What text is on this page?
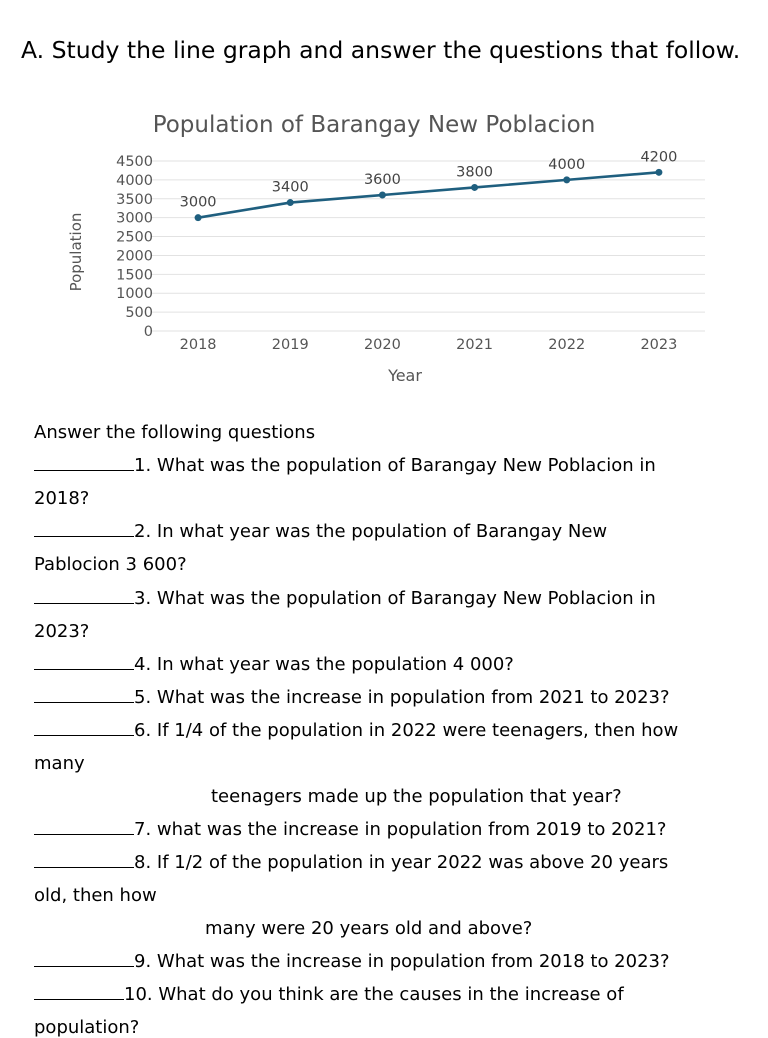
A. Study the line graph and answer the questions that follow.
Population of Barangay New Poblacion
0
500
1000
1500
2000
2500
3000
3500
4000
4500
2018	2019	2020	2021	2022	2023
3000
3400	3600	3800	4000	4200
Population
Year
Answer the following questions
1. What was the population of Barangay New Poblacion in
2018?
2. In what year was the population of Barangay New
Pablocion 3 600?
3. What was the population of Barangay New Poblacion in
2023?
4. In what year was the population 4 000?
5. What was the increase in population from 2021 to 2023?
6. If 1/4 of the population in 2022 were teenagers, then how
many
teenagers made up the population that year?
7. what was the increase in population from 2019 to 2021?
8. If 1/2 of the population in year 2022 was above 20 years
old, then how
many were 20 years old and above?
9. What was the increase in population from 2018 to 2023?
10. What do you think are the causes in the increase of
population?
